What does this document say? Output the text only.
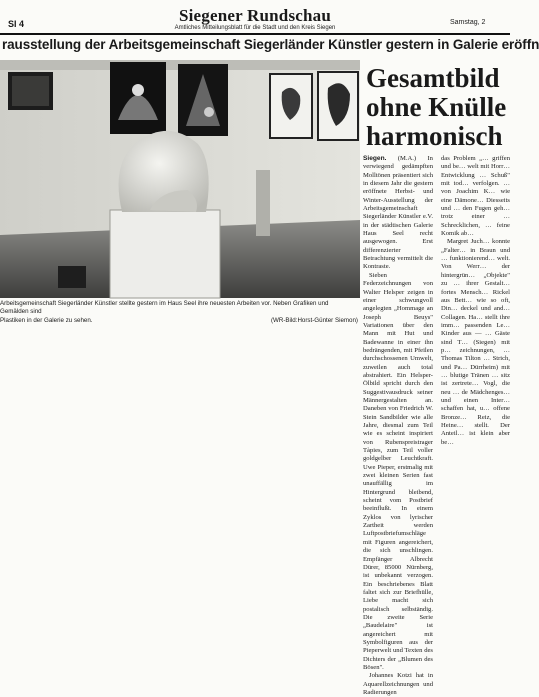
SI 4	Siegener Rundschau
Amtliches Mitteilungsblatt für die Stadt und den Kreis Siegen
Samstag, 2
rausstellung der Arbeitsgemeinschaft Siegerländer Künstler gestern in Galerie eröffn
Arbeitsgemeinschaft Siegerländer Künstler stellte gestern im Haus Seel ihre neuesten Arbeiten vor. Neben Grafiken und Gemälden sind
Plastiken in der Galerie zu sehen.	(WR-Bild:Horst-Günter Siemon)
Gesamtbild
ohne Knülle
harmonisch

Siegen. (M.A.) In verwiegend gedämpften Molltönen präsentiert sich in diesem Jahr die gestern eröffnete Herbst- und Winter-Ausstellung der Arbeitsgemeinschaft Siegerländer Künstler e.V. in der städtischen Galerie Haus Seel recht ausgewogen. Erst differenzierter Betrachtung vermittelt die Kontraste.

Sieben Federzeichnungen von Walter Helsper zeigen in einer schwungvoll angelegten „Hommage an Joseph Beuys" Variationen über den Mann mit Hut und Badewanne in einer ihn bedrängenden, mit Pfeilen durchschossenen Umwelt, zuweilen auch total abstrahiert. Ein Helsper-Ölbild spricht durch den Suggestivausdruck seiner Männergestalten an. Daneben von Friedrich W. Stein Sandbilder wie alle Jahre, diesmal zum Teil wie es scheint inspiriert von Rubenspreistrager Tàpies, zum Teil voller goldgelber Leuchtkraft. Uwe Pieper, erstmalig mit zwei kleinen Serien fast unauffällig im Hintergrund bleibend, scheint vom Postbrief beeinflußt. In einem Zyklos von lyrischer Zartheit werden Luftpostbriefumschläge mit Figuren angereichert, die sich unschlingen. Empfänger Albrecht Dürer, 85000 Nürnberg, ist unbekannt verzogen. Ein beschriebenes Blatt faltet sich zur Briefhülle, Liebe macht sich postalisch selbständig. Die zweite Serie „Baudelaire" ist angereichert mit Symbolfiguren aus der Pieperwelt und Texten des Dichters der „Blumen des Bösen".

Johannes Kotzi hat in Aquarellzeichnungen und Radierungen

das Problem „… griffen und be… welt mit Horr… Entwicklung … Schuß" mit tod… verfolgen. … von Joachim K… wie eine Dämone… Diesseits und … den Fugen geh… trotz einer … Schrecklichen, … feine Komik ab…

Margret Juch… konnte „Falter… in Braun und … funktionierend… welt. Von Werr… der hintergrün… „Objekte" zu … ihrer Gestalt… fortes Mensch… Rickel aus Bett… wie so oft, Din… deckel und and… Collagen. Ha… stellt ihre imm… passenden Le… Kinder aus — … Gäste sind T… (Siegen) mit p… zeichnungen, … Thomas Tilton … Strich, und Pa… Dürrheim) mit … blutige Tränen … sitz ist zertrete… Vogl, die neu … de Mädchenges… und einen Inter… schaffen hat, u… offene Bronze… Reiz, die Heine… stellt. Der Anteil… ist klein aber be…
